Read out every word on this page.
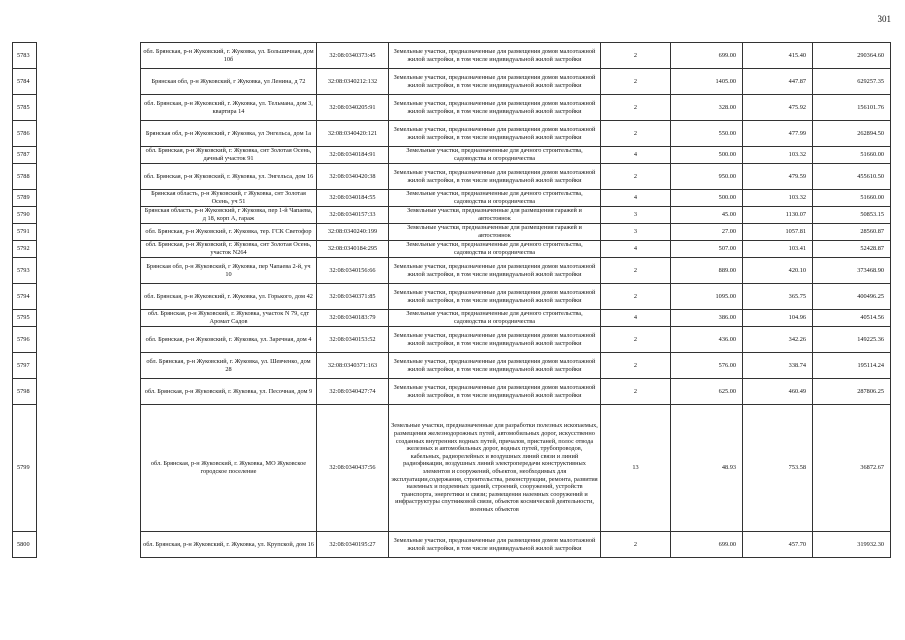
301
5783		обл. Брянская, р-н Жуковский, г. Жуковка, ул. Большичная, дом 10б	32:08:0340373:45	Земельные участки, предназначенные для размещения домов малоэтажной жилой застройки, в том числе индивидуальной жилой застройки	2	699.00	415.40	290364.60
5784		Брянская обл, р-н Жуковский, г Жуковка, ул Ленина, д 72	32:08:0340212:132	Земельные участки, предназначенные для размещения домов малоэтажной жилой застройки, в том числе индивидуальной жилой застройки	2	1405.00	447.87	629257.35
5785		обл. Брянская, р-н Жуковский, г. Жуковка, ул. Тельмана, дом 3, квартира 14	32:08:0340205:91	Земельные участки, предназначенные для размещения домов малоэтажной жилой застройки, в том числе индивидуальной жилой застройки	2	328.00	475.92	156101.76
5786		Брянская обл, р-н Жуковский, г Жуковка, ул Энгельса, дом 1а	32:08:0340420:121	Земельные участки, предназначенные для размещения домов малоэтажной жилой застройки, в том числе индивидуальной жилой застройки	2	550.00	477.99	262894.50
5787		обл. Брянская, р-н Жуковский, г. Жуковка, снт Золотая Осень, дачный участок 91	32:08:0340184:91	Земельные участки, предназначенные для дачного строительства, садоводства и огородничества	4	500.00	103.32	51660.00
5788		обл. Брянская, р-н Жуковский, г. Жуковка, ул. Энгельса, дом 16	32:08:0340420:38	Земельные участки, предназначенные для размещения домов малоэтажной жилой застройки, в том числе индивидуальной жилой застройки	2	950.00	479.59	455610.50
5789		Брянская область, р-н Жуковский, г Жуковка, снт Золотая Осень, уч 51	32:08:0340184:55	Земельные участки, предназначенные для дачного строительства, садоводства и огородничества	4	500.00	103.32	51660.00
5790		Брянская область, р-н Жуковский, г Жуковка, пер 1-й Чапаева, д 18, корп А, гараж	32:08:0340157:33	Земельные участки, предназначенные для размещения гаражей и автостоянок	3	45.00	1130.07	50853.15
5791		обл. Брянская, р-н Жуковский, г. Жуковка, тер. ГСК Светофор	32:08:0340240:199	Земельные участки, предназначенные для размещения гаражей и автостоянок	3	27.00	1057.81	28560.87
5792		обл. Брянская, р-н Жуковский, г. Жуковка, снт Золотая Осень, участок N264	32:08:0340184:295	Земельные участки, предназначенные для дачного строительства, садоводства и огородничества	4	507.00	103.41	52428.87
5793		Брянская обл, р-н Жуковский, г Жуковка, пер Чапаева 2-й, уч 10	32:08:0340156:66	Земельные участки, предназначенные для размещения домов малоэтажной жилой застройки, в том числе индивидуальной жилой застройки	2	889.00	420.10	373468.90
5794		обл. Брянская, р-н Жуковский, г. Жуковка, ул. Горького, дом 42	32:08:0340371:85	Земельные участки, предназначенные для размещения домов малоэтажной жилой застройки, в том числе индивидуальной жилой застройки	2	1095.00	365.75	400496.25
5795		обл. Брянская, р-н Жуковский, г. Жуковка, участок N 79, сдт Аромат Садов	32:08:0340183:79	Земельные участки, предназначенные для дачного строительства, садоводства и огородничества	4	386.00	104.96	40514.56
5796		обл. Брянская, р-н Жуковский, г. Жуковка, ул. Заречная, дом 4	32:08:0340153:52	Земельные участки, предназначенные для размещения домов малоэтажной жилой застройки, в том числе индивидуальной жилой застройки	2	436.00	342.26	149225.36
5797		обл. Брянская, р-н Жуковский, г. Жуковка, ул. Шевченко, дом 28	32:08:0340371:163	Земельные участки, предназначенные для размещения домов малоэтажной жилой застройки, в том числе индивидуальной жилой застройки	2	576.00	338.74	195114.24
5798		обл. Брянская, р-н Жуковский, г. Жуковка, ул. Песочная, дом 9	32:08:0340427:74	Земельные участки, предназначенные для размещения домов малоэтажной жилой застройки, в том числе индивидуальной жилой застройки	2	625.00	460.49	287806.25
5799		обл. Брянская, р-н Жуковский, г. Жуковка, МО Жуковское городское поселение	32:08:0340437:56	Земельные участки, предназначенные для разработки полезных ископаемых, размещения железнодорожных путей, автомобильных дорог, искусственно созданных внутренних водных путей, причалов, пристаней, полос отвода железных и автомобильных дорог, водных путей, трубопроводов, кабельных, радиорелейных и воздушных линий связи и линий радиофикации, воздушных линий электропередачи конструктивных элементов и сооружений, объектов, необходимых для эксплуатации,содержания, строительства, реконструкции, ремонта, развития наземных и подземных зданий, строений, сооружений, устройств транспорта, энергетики и связи; размещения наземных сооружений и инфраструктуры спутниковой связи, объектов космической деятельности, военных объектов	13	48.93	753.58	36872.67
5800		обл. Брянская, р-н Жуковский, г. Жуковка, ул. Крупской, дом 16	32:08:0340195:27	Земельные участки, предназначенные для размещения домов малоэтажной жилой застройки, в том числе индивидуальной жилой застройки	2	699.00	457.70	319932.30
